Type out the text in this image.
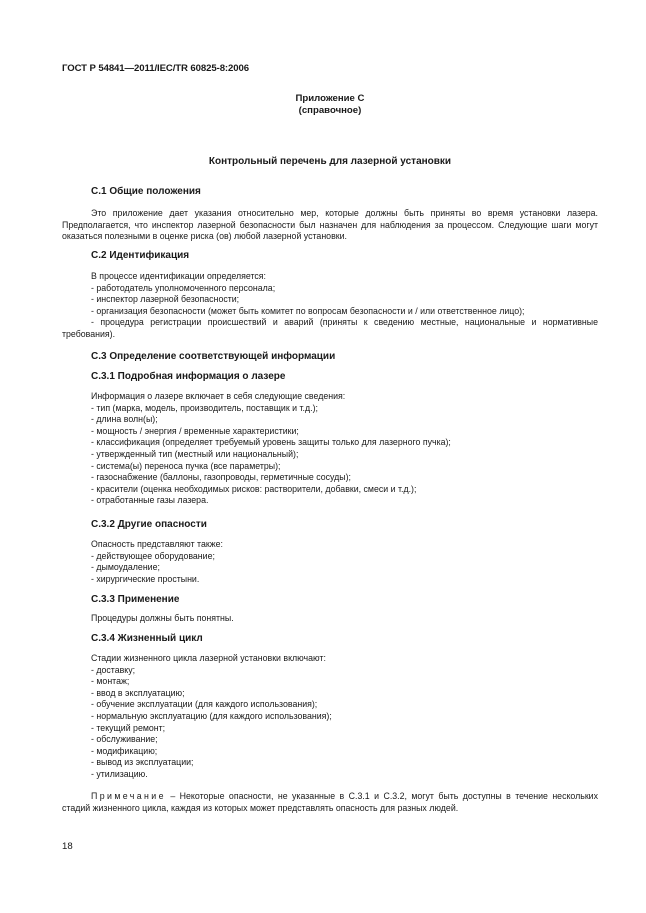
ГОСТ Р 54841—2011/IEC/TR 60825-8:2006
Приложение С
(справочное)
Контрольный перечень для лазерной установки
С.1 Общие положения

Это приложение дает указания относительно мер, которые должны быть приняты во время установки лазера. Предполагается, что инспектор лазерной безопасности был назначен для наблюдения за процессом. Следующие шаги могут оказаться полезными в оценке риска (ов) любой лазерной установки.

С.2 Идентификация

В процессе идентификации определяется:

- работодатель уполномоченного персонала;
- инспектор лазерной безопасности;
- организация безопасности (может быть комитет по вопросам безопасности и / или ответственное лицо);
- процедура регистрации происшествий и аварий (приняты к сведению местные, национальные и нормативные требования).
С.3 Определение соответствующей информации
С.3.1 Подробная информация о лазере

Информация о лазере включает в себя следующие сведения:

- тип (марка, модель, производитель, поставщик и т.д.);
- длина волн(ы);
- мощность / энергия / временные характеристики;
- классификация (определяет требуемый уровень защиты только для лазерного пучка);
- утвержденный тип (местный или национальный);
- система(ы) переноса пучка (все параметры);
- газоснабжение (баллоны, газопроводы, герметичные сосуды);
- красители (оценка необходимых рисков: растворители, добавки, смеси и т.д.);
- отработанные газы лазера.
С.3.2 Другие опасности

Опасность представляют также:

- действующее оборудование;
- дымоудаление;
- хирургические простыни.
С.3.3 Применение

Процедуры должны быть понятны.

С.3.4 Жизненный цикл

Стадии жизненного цикла лазерной установки включают:

- доставку;
- монтаж;
- ввод в эксплуатацию;
- обучение эксплуатации (для каждого использования);
- нормальную эксплуатацию (для каждого использования);
- текущий ремонт;
- обслуживание;
- модификацию;
- вывод из эксплуатации;
- утилизацию.

Примечание – Некоторые опасности, не указанные в С.3.1 и С.3.2, могут быть доступны в течение нескольких стадий жизненного цикла, каждая из которых может представлять опасность для разных людей.

18
